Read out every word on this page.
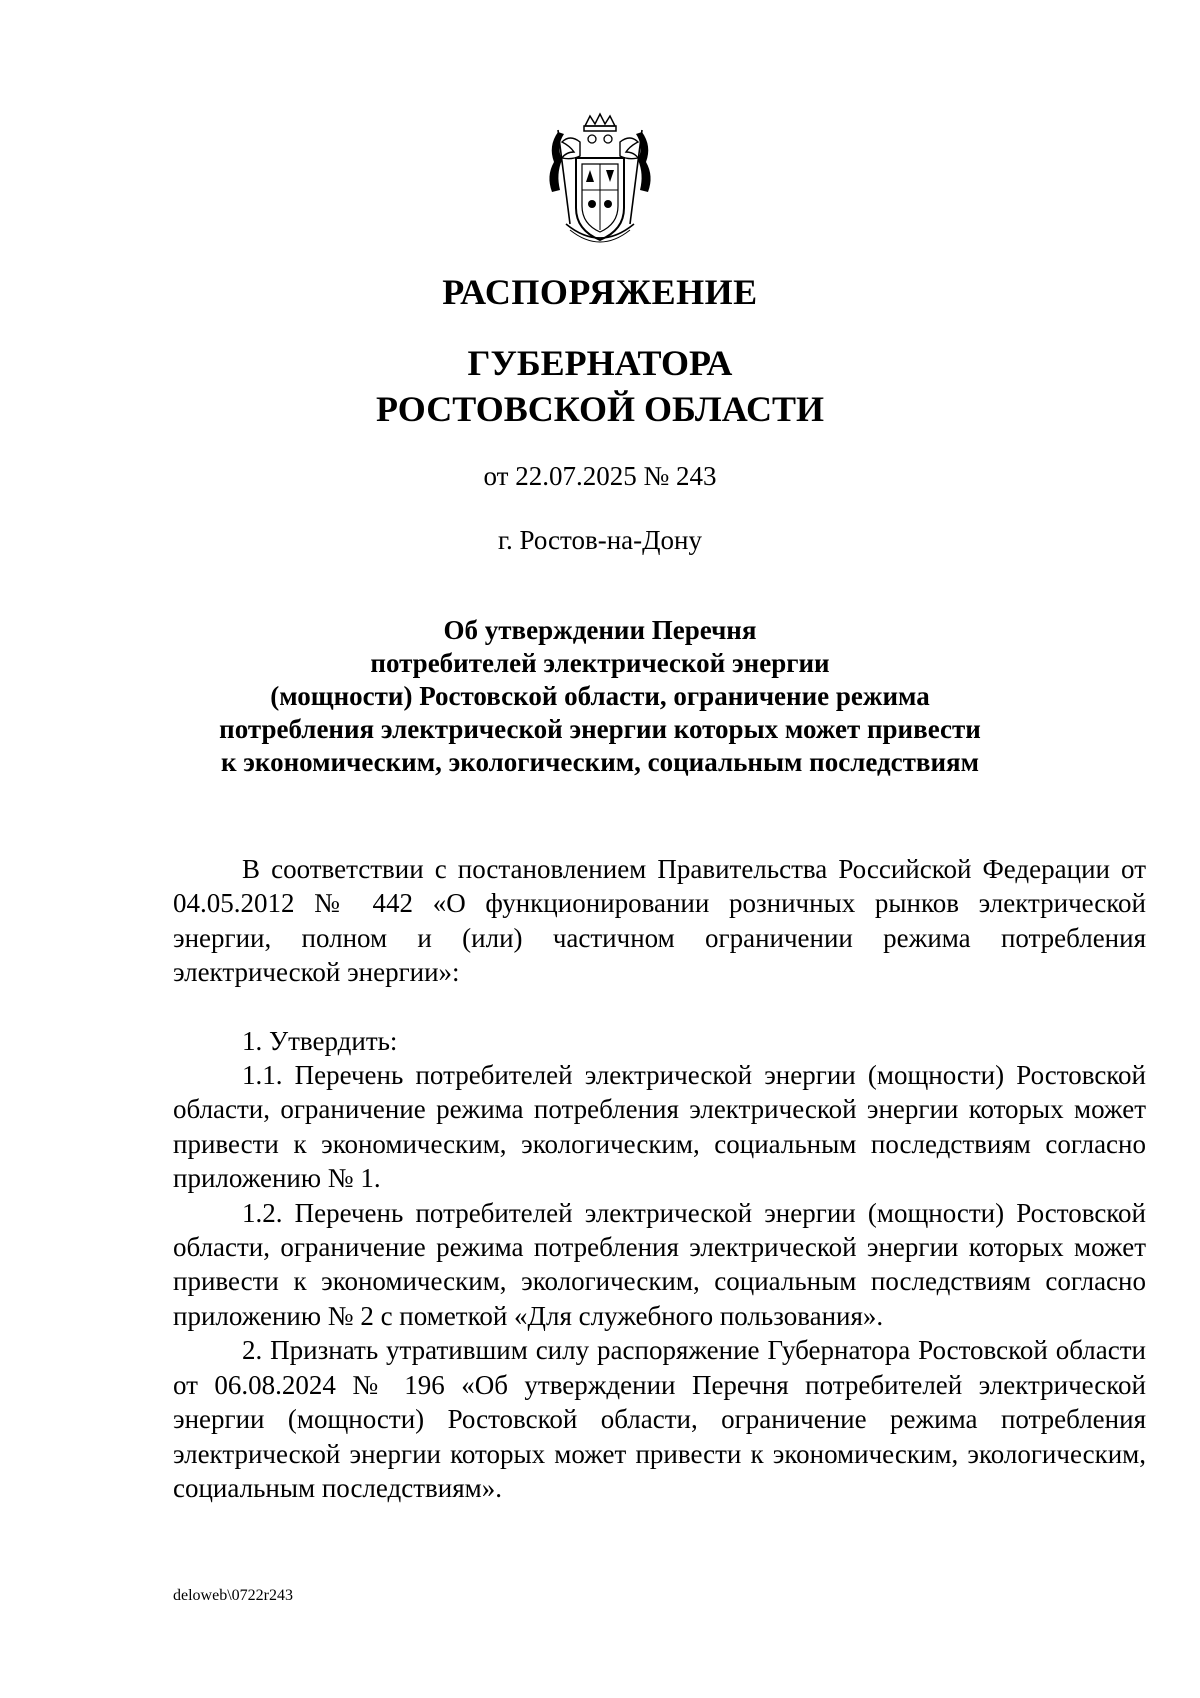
РАСПОРЯЖЕНИЕ
ГУБЕРНАТОРА
РОСТОВСКОЙ ОБЛАСТИ
от 22.07.2025 № 243
г. Ростов-на-Дону
Об утверждении Перечня
потребителей электрической энергии
(мощности) Ростовской области, ограничение режима
потребления электрической энергии которых может привести
к экономическим, экологическим, социальным последствиям

В соответствии с постановлением Правительства Российской Федерации от 04.05.2012 № 442 «О функционировании розничных рынков электрической энергии, полном и (или) частичном ограничении режима потребления электрической энергии»:

1. Утвердить:

1.1. Перечень потребителей электрической энергии (мощности) Ростовской области, ограничение режима потребления электрической энергии которых может привести к экономическим, экологическим, социальным последствиям согласно приложению № 1.

1.2. Перечень потребителей электрической энергии (мощности) Ростовской области, ограничение режима потребления электрической энергии которых может привести к экономическим, экологическим, социальным последствиям согласно приложению № 2 с пометкой «Для служебного пользования».

2. Признать утратившим силу распоряжение Губернатора Ростовской области от 06.08.2024 № 196 «Об утверждении Перечня потребителей электрической энергии (мощности) Ростовской области, ограничение режима потребления электрической энергии которых может привести к экономическим, экологическим, социальным последствиям».

deloweb\0722r243
